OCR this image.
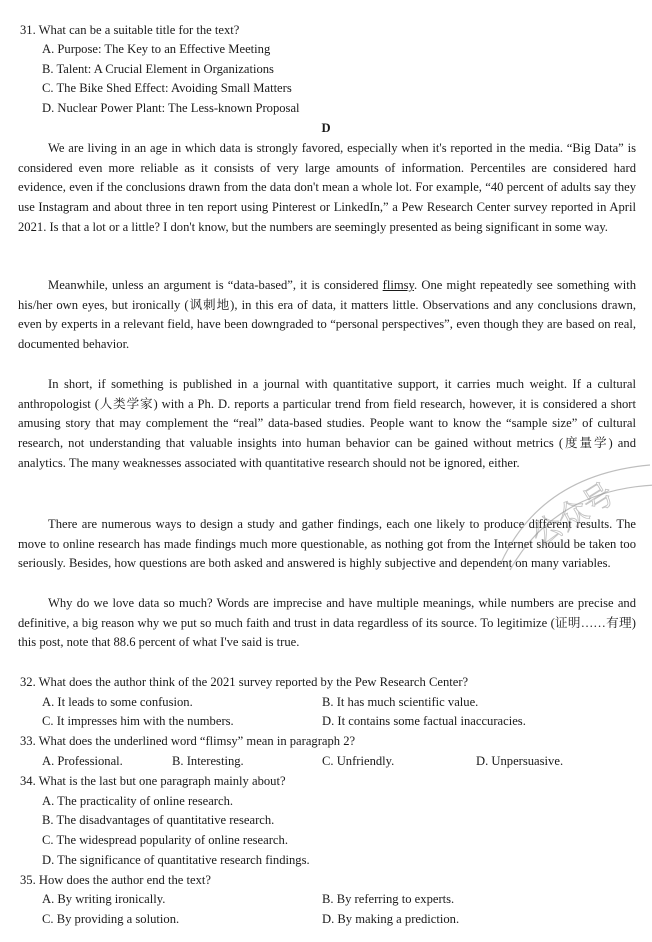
31. What can be a suitable title for the text?
A. Purpose: The Key to an Effective Meeting
B. Talent: A Crucial Element in Organizations
C. The Bike Shed Effect: Avoiding Small Matters
D. Nuclear Power Plant: The Less-known Proposal
D

We are living in an age in which data is strongly favored, especially when it's reported in the media. “Big Data” is considered even more reliable as it consists of very large amounts of information. Percentiles are considered hard evidence, even if the conclusions drawn from the data don't mean a whole lot. For example, “40 percent of adults say they use Instagram and about three in ten report using Pinterest or LinkedIn,” a Pew Research Center survey reported in April 2021. Is that a lot or a little? I don't know, but the numbers are seemingly presented as being significant in some way.

Meanwhile, unless an argument is “data-based”, it is considered flimsy. One might repeatedly see something with his/her own eyes, but ironically (讽刺地), in this era of data, it matters little. Observations and any conclusions drawn, even by experts in a relevant field, have been downgraded to “personal perspectives”, even though they are based on real, documented behavior.

In short, if something is published in a journal with quantitative support, it carries much weight. If a cultural anthropologist (人类学家) with a Ph. D. reports a particular trend from field research, however, it is considered a short amusing story that may complement the “real” data-based studies. People want to know the “sample size” of cultural research, not understanding that valuable insights into human behavior can be gained without metrics (度量学) and analytics. The many weaknesses associated with quantitative research should not be ignored, either.

There are numerous ways to design a study and gather findings, each one likely to produce different results. The move to online research has made findings much more questionable, as nothing got from the Internet should be taken too seriously. Besides, how questions are both asked and answered is highly subjective and dependent on many variables.

Why do we love data so much? Words are imprecise and have multiple meanings, while numbers are precise and definitive, a big reason why we put so much faith and trust in data regardless of its source. To legitimize (证明……有理) this post, note that 88.6 percent of what I've said is true.

32. What does the author think of the 2021 survey reported by the Pew Research Center?
A. It leads to some confusion.	B. It has much scientific value.
C. It impresses him with the numbers.	D. It contains some factual inaccuracies.
33. What does the underlined word “flimsy” mean in paragraph 2?
A. Professional.	B. Interesting.	C. Unfriendly.	D. Unpersuasive.
34. What is the last but one paragraph mainly about?
A. The practicality of online research.
B. The disadvantages of quantitative research.
C. The widespread popularity of online research.
D. The significance of quantitative research findings.
35. How does the author end the text?
A. By writing ironically.	B. By referring to experts.
C. By providing a solution.	D. By making a prediction.
公众号
